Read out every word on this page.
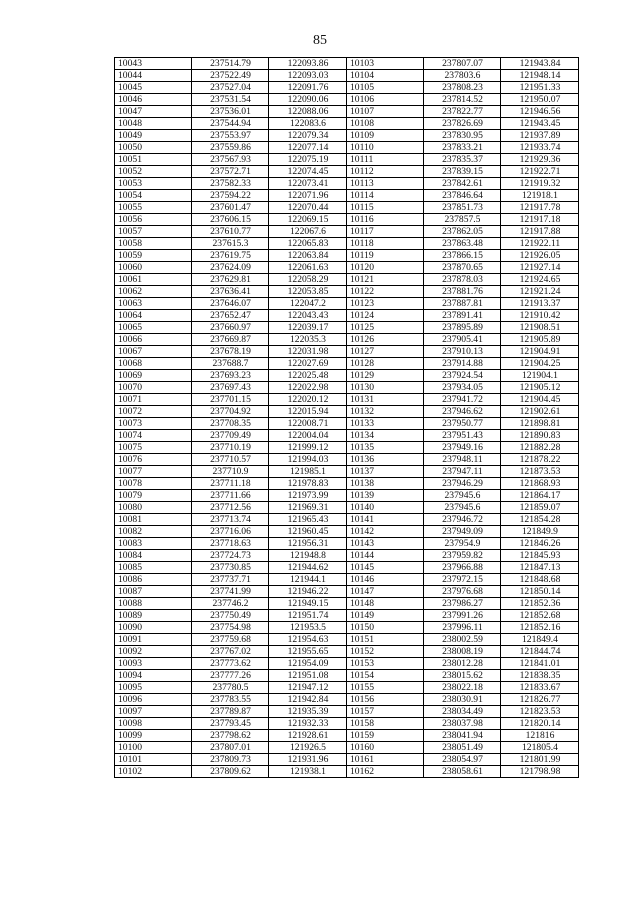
85
10043	237514.79	122093.86	10103	237807.07	121943.84
10044	237522.49	122093.03	10104	237803.6	121948.14
10045	237527.04	122091.76	10105	237808.23	121951.33
10046	237531.54	122090.06	10106	237814.52	121950.07
10047	237536.01	122088.06	10107	237822.77	121946.56
10048	237544.94	122083.6	10108	237826.69	121943.45
10049	237553.97	122079.34	10109	237830.95	121937.89
10050	237559.86	122077.14	10110	237833.21	121933.74
10051	237567.93	122075.19	10111	237835.37	121929.36
10052	237572.71	122074.45	10112	237839.15	121922.71
10053	237582.33	122073.41	10113	237842.61	121919.32
10054	237594.22	122071.96	10114	237846.64	121918.1
10055	237601.47	122070.44	10115	237851.73	121917.78
10056	237606.15	122069.15	10116	237857.5	121917.18
10057	237610.77	122067.6	10117	237862.05	121917.88
10058	237615.3	122065.83	10118	237863.48	121922.11
10059	237619.75	122063.84	10119	237866.15	121926.05
10060	237624.09	122061.63	10120	237870.65	121927.14
10061	237629.81	122058.29	10121	237878.03	121924.65
10062	237636.41	122053.85	10122	237881.76	121921.24
10063	237646.07	122047.2	10123	237887.81	121913.37
10064	237652.47	122043.43	10124	237891.41	121910.42
10065	237660.97	122039.17	10125	237895.89	121908.51
10066	237669.87	122035.3	10126	237905.41	121905.89
10067	237678.19	122031.98	10127	237910.13	121904.91
10068	237688.7	122027.69	10128	237914.88	121904.25
10069	237693.23	122025.48	10129	237924.54	121904.1
10070	237697.43	122022.98	10130	237934.05	121905.12
10071	237701.15	122020.12	10131	237941.72	121904.45
10072	237704.92	122015.94	10132	237946.62	121902.61
10073	237708.35	122008.71	10133	237950.77	121898.81
10074	237709.49	122004.04	10134	237951.43	121890.83
10075	237710.19	121999.12	10135	237949.16	121882.28
10076	237710.57	121994.03	10136	237948.11	121878.22
10077	237710.9	121985.1	10137	237947.11	121873.53
10078	237711.18	121978.83	10138	237946.29	121868.93
10079	237711.66	121973.99	10139	237945.6	121864.17
10080	237712.56	121969.31	10140	237945.6	121859.07
10081	237713.74	121965.43	10141	237946.72	121854.28
10082	237716.06	121960.45	10142	237949.09	121849.9
10083	237718.63	121956.31	10143	237954.9	121846.26
10084	237724.73	121948.8	10144	237959.82	121845.93
10085	237730.85	121944.62	10145	237966.88	121847.13
10086	237737.71	121944.1	10146	237972.15	121848.68
10087	237741.99	121946.22	10147	237976.68	121850.14
10088	237746.2	121949.15	10148	237986.27	121852.36
10089	237750.49	121951.74	10149	237991.26	121852.68
10090	237754.98	121953.5	10150	237996.11	121852.16
10091	237759.68	121954.63	10151	238002.59	121849.4
10092	237767.02	121955.65	10152	238008.19	121844.74
10093	237773.62	121954.09	10153	238012.28	121841.01
10094	237777.26	121951.08	10154	238015.62	121838.35
10095	237780.5	121947.12	10155	238022.18	121833.67
10096	237783.55	121942.84	10156	238030.91	121826.77
10097	237789.87	121935.39	10157	238034.49	121823.53
10098	237793.45	121932.33	10158	238037.98	121820.14
10099	237798.62	121928.61	10159	238041.94	121816
10100	237807.01	121926.5	10160	238051.49	121805.4
10101	237809.73	121931.96	10161	238054.97	121801.99
10102	237809.62	121938.1	10162	238058.61	121798.98
